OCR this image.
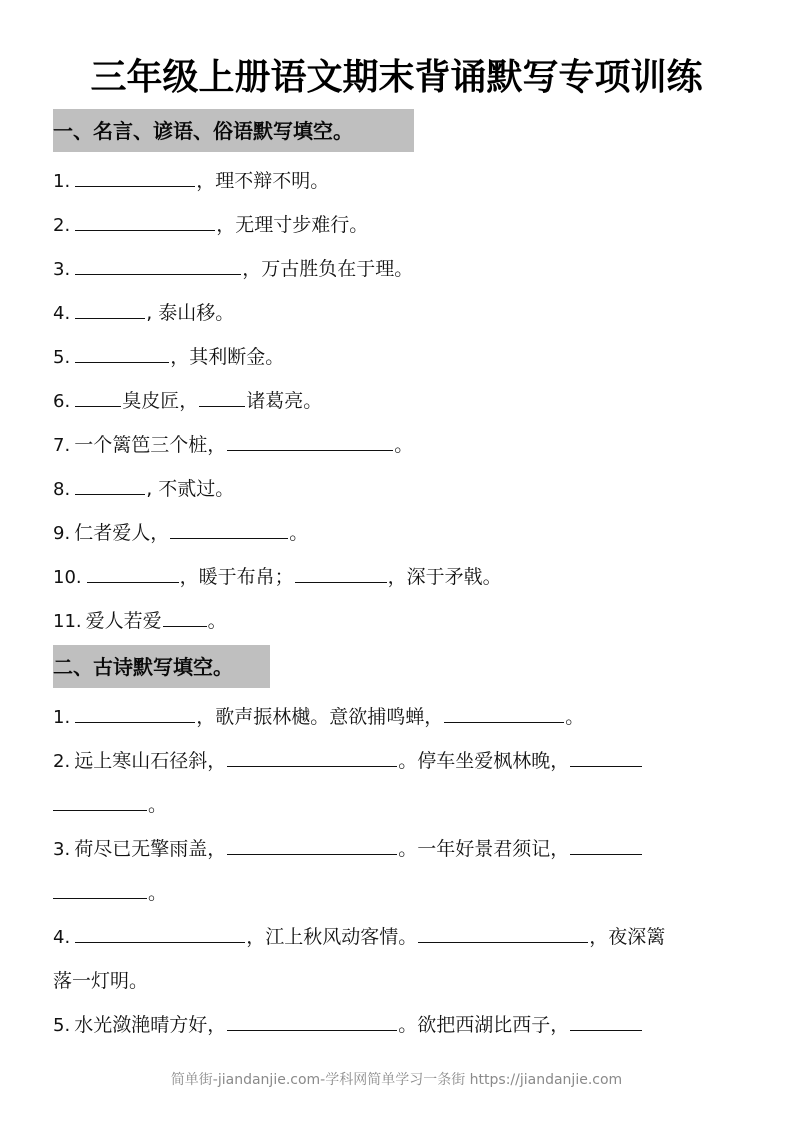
三年级上册语文期末背诵默写专项训练
一、名言、谚语、俗语默写填空。
1.	，理不辩不明。
2.	，无理寸步难行。
3.	，万古胜负在于理。
4.	, 泰山移。
5.	，其利断金。
6.	臭皮匠，	诸葛亮。
7. 一个篱笆三个桩，	。
8.	, 不贰过。
9. 仁者爱人，	。
10.	，暖于布帛；	，深于矛戟。
11. 爱人若爱 。
二、古诗默写填空。
1.	，歌声振林樾。意欲捕鸣蝉，	。
2. 远上寒山石径斜，	。停车坐爱枫林晚，
。
3. 荷尽已无擎雨盖，	。一年好景君须记，
。
4.	，江上秋风动客情。	，夜深篱
落一灯明。
5. 水光潋滟晴方好，	。欲把西湖比西子，
简单街-jiandanjie.com-学科网简单学习一条街 https://jiandanjie.com
